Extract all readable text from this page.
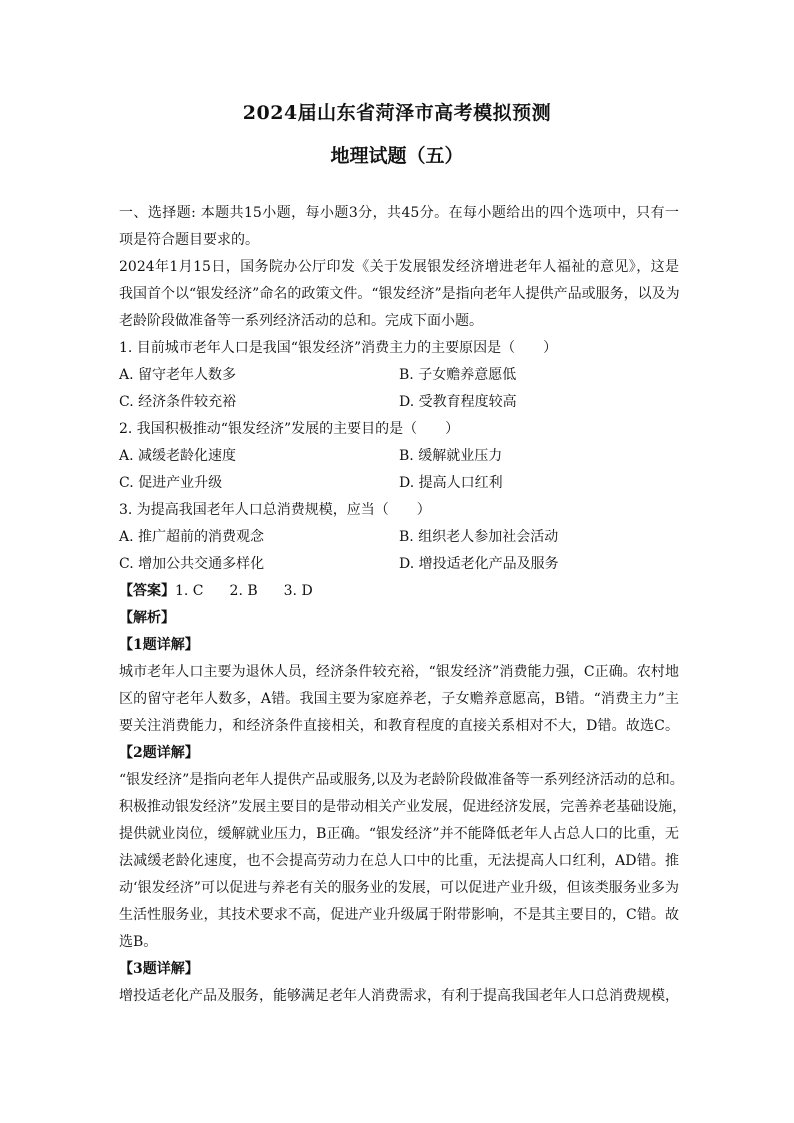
2024届山东省菏泽市高考模拟预测
地理试题（五）
一、选择题: 本题共15小题，每小题3分，共45分。在每小题给出的四个选项中，只有一
项是符合题目要求的。
2024年1月15日，国务院办公厅印发《关于发展银发经济增进老年人福祉的意见》，这是
我国首个以“银发经济”命名的政策文件。“银发经济”是指向老年人提供产品或服务，以及为
老龄阶段做准备等一系列经济活动的总和。完成下面小题。
1. 目前城市老年人口是我国“银发经济”消费主力的主要原因是（　　）
A. 留守老年人数多	B. 子女赡养意愿低
C. 经济条件较充裕	D. 受教育程度较高
2. 我国积极推动“银发经济”发展的主要目的是（　　）
A. 减缓老龄化速度	B. 缓解就业压力
C. 促进产业升级	D. 提高人口红利
3. 为提高我国老年人口总消费规模，应当（　　）
A. 推广超前的消费观念	B. 组织老人参加社会活动
C. 增加公共交通多样化	D. 增投适老化产品及服务
【答案】1. C 2. B 3. D
【解析】
【1题详解】
城市老年人口主要为退休人员，经济条件较充裕，“银发经济”消费能力强，C正确。农村地
区的留守老年人数多，A错。我国主要为家庭养老，子女赡养意愿高，B错。“消费主力”主
要关注消费能力，和经济条件直接相关，和教育程度的直接关系相对不大，D错。故选C。
【2题详解】
“银发经济”是指向老年人提供产品或服务,以及为老龄阶段做准备等一系列经济活动的总和。
积极推动银发经济”发展主要目的是带动相关产业发展，促进经济发展，完善养老基础设施，
提供就业岗位，缓解就业压力，B正确。“银发经济”并不能降低老年人占总人口的比重，无
法减缓老龄化速度，也不会提高劳动力在总人口中的比重，无法提高人口红利，AD错。推
动‘银发经济”可以促进与养老有关的服务业的发展，可以促进产业升级，但该类服务业多为
生活性服务业，其技术要求不高，促进产业升级属于附带影响，不是其主要目的，C错。故
选B。
【3题详解】
增投适老化产品及服务，能够满足老年人消费需求，有利于提高我国老年人口总消费规模，
